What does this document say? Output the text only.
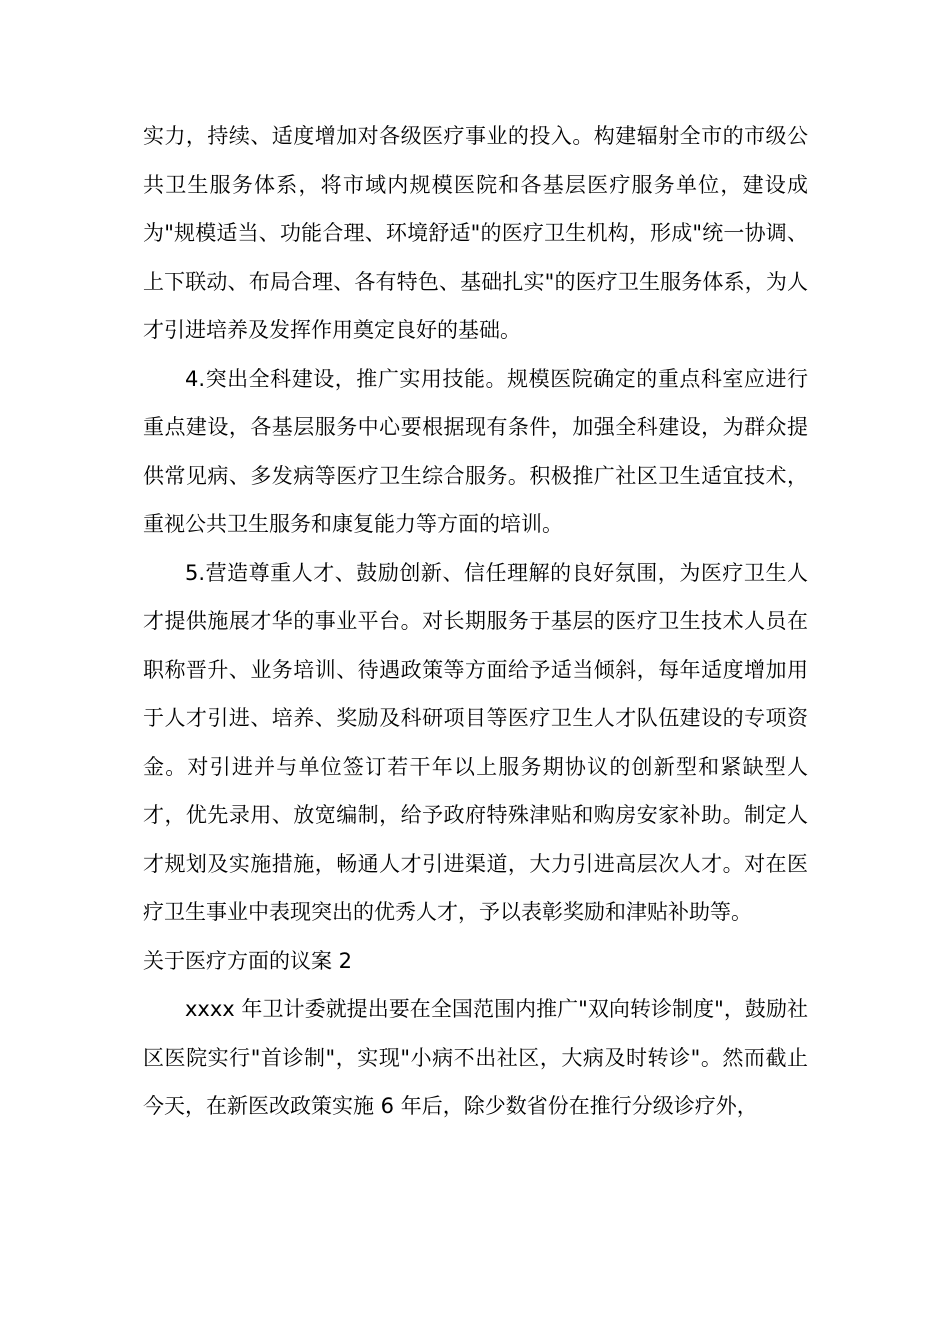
实力，持续、适度增加对各级医疗事业的投入。构建辐射全市的市级公共卫生服务体系，将市域内规模医院和各基层医疗服务单位，建设成为"规模适当、功能合理、环境舒适"的医疗卫生机构，形成"统一协调、上下联动、布局合理、各有特色、基础扎实"的医疗卫生服务体系，为人才引进培养及发挥作用奠定良好的基础。

4.突出全科建设，推广实用技能。规模医院确定的重点科室应进行重点建设，各基层服务中心要根据现有条件，加强全科建设，为群众提供常见病、多发病等医疗卫生综合服务。积极推广社区卫生适宜技术，重视公共卫生服务和康复能力等方面的培训。

5.营造尊重人才、鼓励创新、信任理解的良好氛围，为医疗卫生人才提供施展才华的事业平台。对长期服务于基层的医疗卫生技术人员在职称晋升、业务培训、待遇政策等方面给予适当倾斜，每年适度增加用于人才引进、培养、奖励及科研项目等医疗卫生人才队伍建设的专项资金。对引进并与单位签订若干年以上服务期协议的创新型和紧缺型人才，优先录用、放宽编制，给予政府特殊津贴和购房安家补助。制定人才规划及实施措施，畅通人才引进渠道，大力引进高层次人才。对在医疗卫生事业中表现突出的优秀人才，予以表彰奖励和津贴补助等。

关于医疗方面的议案 2

xxxx 年卫计委就提出要在全国范围内推广"双向转诊制度"，鼓励社区医院实行"首诊制"，实现"小病不出社区，大病及时转诊"。然而截止今天，在新医改政策实施 6 年后，除少数省份在推行分级诊疗外，
